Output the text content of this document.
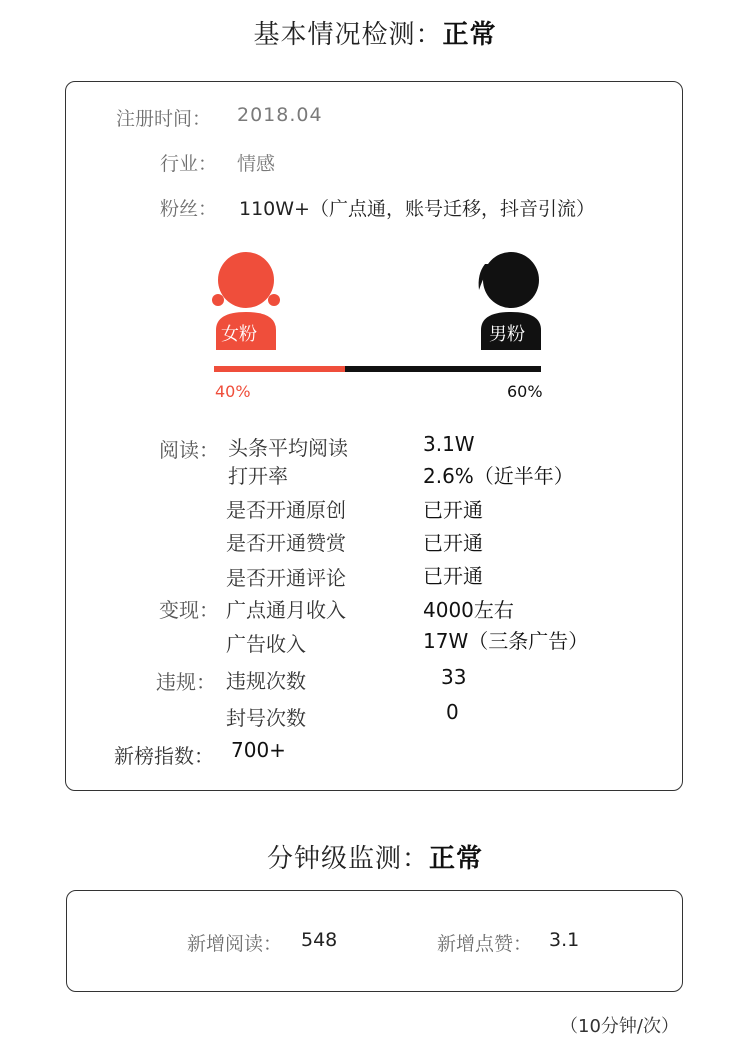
基本情况检测：正常
注册时间： 2018.04
行业： 情感
粉丝： 110W+（广点通，账号迁移，抖音引流）
女粉	男粉
40%	60%
阅读： 头条平均阅读	3.1W
打开率	2.6%（近半年）
是否开通原创	已开通
是否开通赞赏	已开通
是否开通评论	已开通
变现： 广点通月收入	4000左右
广告收入	17W（三条广告）
违规： 违规次数	33
封号次数	0
新榜指数： 700+
分钟级监测：正常
新增阅读： 548	新增点赞： 3.1
（10分钟/次）
